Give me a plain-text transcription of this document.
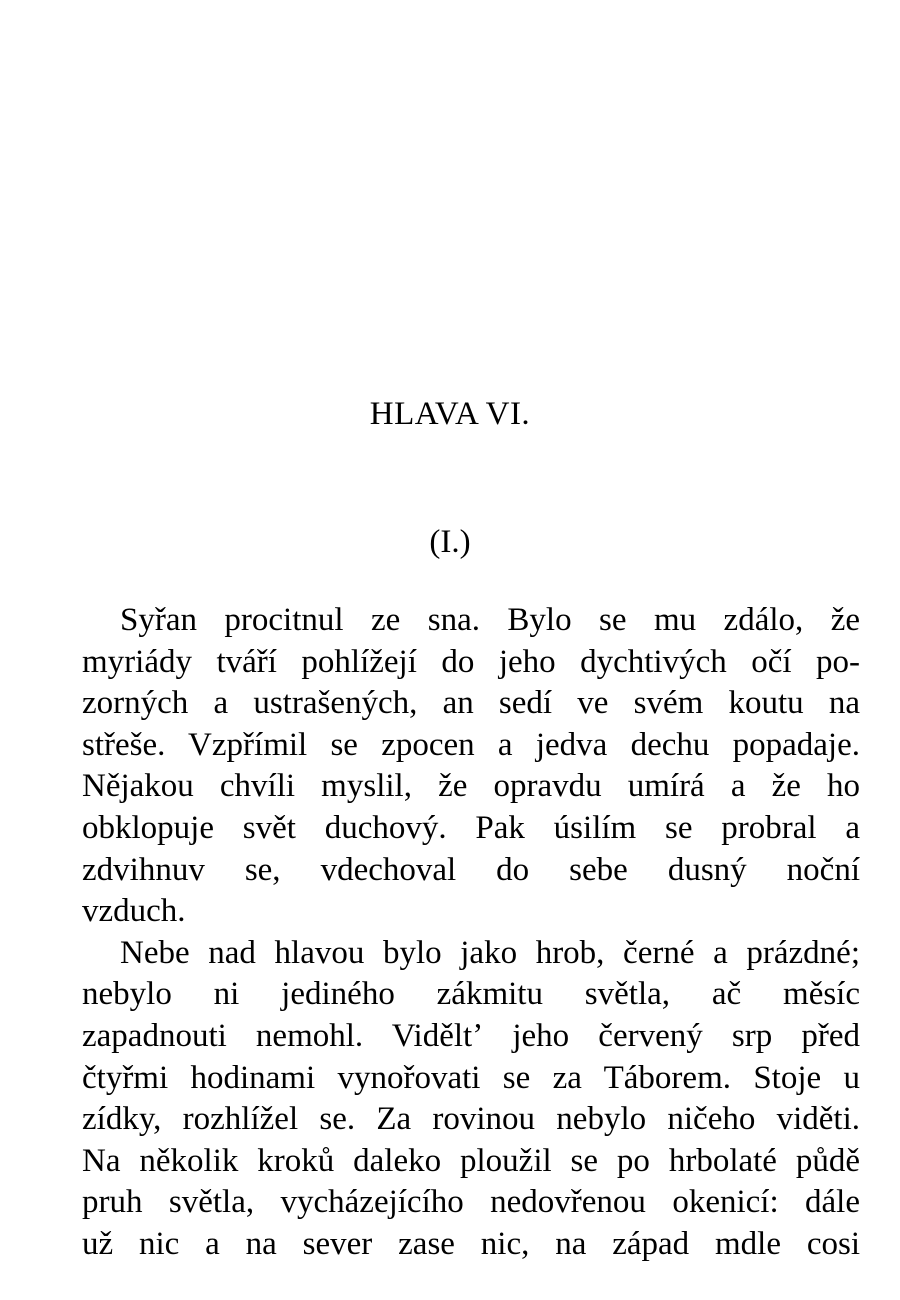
HLAVA VI.
(I.)
Syřan procitnul ze sna. Bylo se mu zdálo, že
myriády tváří pohlížejí do jeho dychtivých očí po-
zorných a ustrašených, an sedí ve svém koutu na
střeše. Vzpřímil se zpocen a jedva dechu popadaje.
Nějakou chvíli myslil, že opravdu umírá a že ho
obklopuje svět duchový. Pak úsilím se probral a
zdvihnuv se, vdechoval do sebe dusný noční
vzduch.
Nebe nad hlavou bylo jako hrob, černé a prázdné;
nebylo ni jediného zákmitu světla, ač měsíc
zapadnouti nemohl. Viděltʼ jeho červený srp před
čtyřmi hodinami vynořovati se za Táborem. Stoje u
zídky, rozhlížel se. Za rovinou nebylo ničeho viděti.
Na několik kroků daleko ploužil se po hrbolaté půdě
pruh světla, vycházejícího nedovřenou okenicí: dále
už nic a na sever zase nic, na západ mdle cosi
